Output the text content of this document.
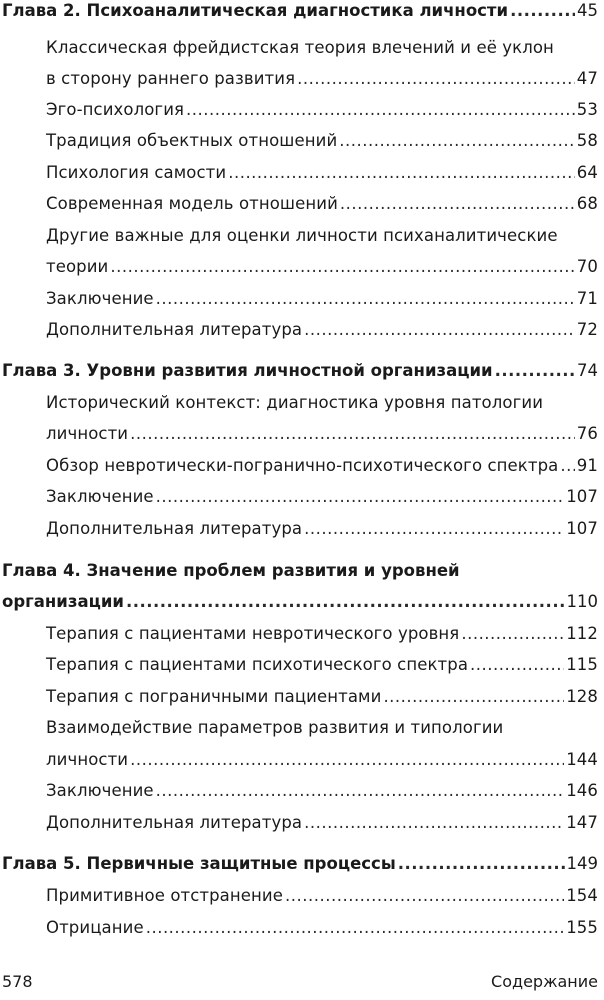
Глава 2. Психоаналитическая диагностика личности .....	45
Классическая фрейдистская теория влечений и её уклон
в сторону раннего развития .....	47
Эго-психология .....	53
Традиция объектных отношений .....	58
Психология самости .....	64
Современная модель отношений .....	68
Другие важные для оценки личности психаналитические
теории .....	70
Заключение .....	71
Дополнительная литература .....	72
Глава 3. Уровни развития личностной организации .....	74
Исторический контекст: диагностика уровня патологии
личности .....	76
Обзор невротически-погранично-психотического спектра ..... 91
Заключение .....	107
Дополнительная литература .....	107
Глава 4. Значение проблем развития и уровней
организации .....	110
Терапия с пациентами невротического уровня .....	112
Терапия с пациентами психотического спектра .....	115
Терапия с пограничными пациентами .....	128
Взаимодействие параметров развития и типологии
личности .....	144
Заключение .....	146
Дополнительная литература .....	147
Глава 5. Первичные защитные процессы .....	149
Примитивное отстранение .....	154
Отрицание .....	155
578	Содержание
